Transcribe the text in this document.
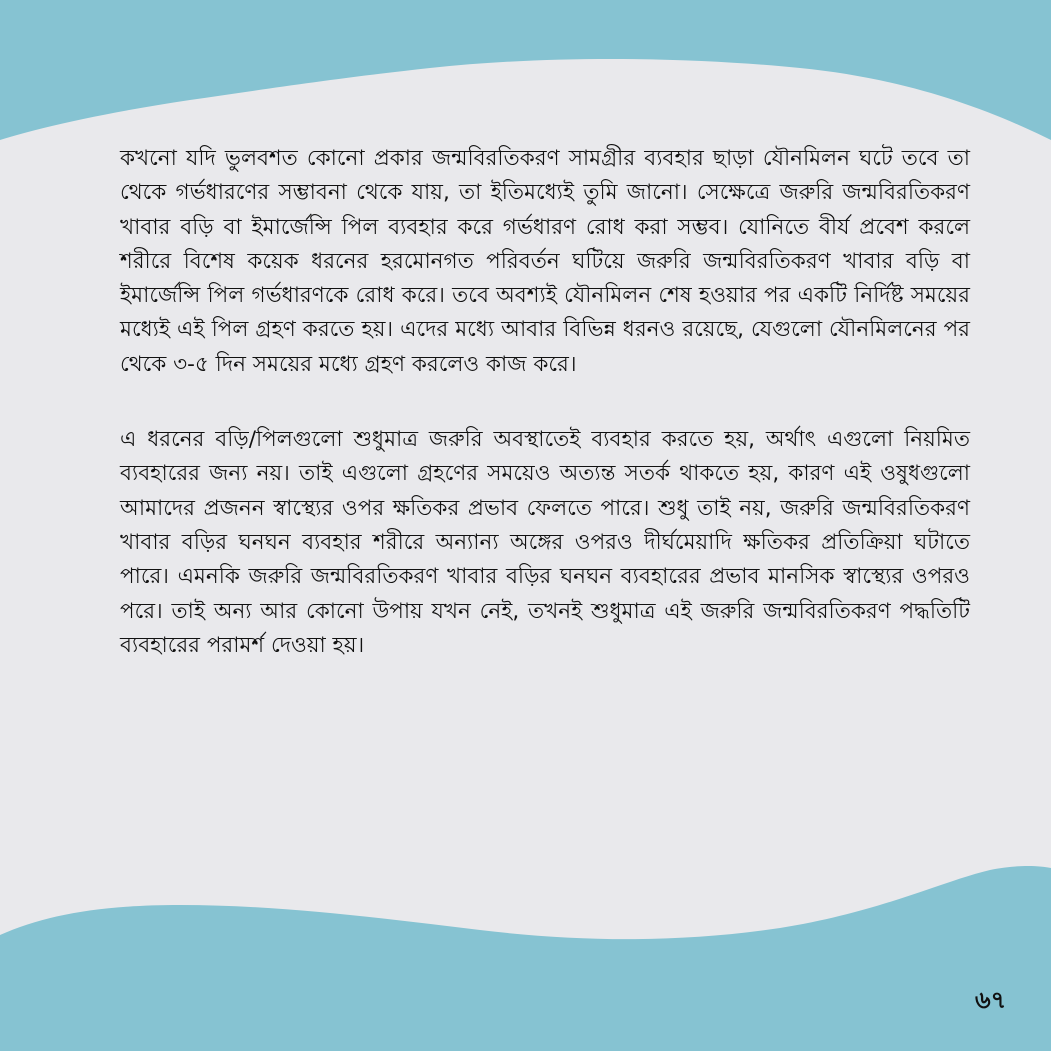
কখনো যদি ভুলবশত কোনো প্রকার জন্মবিরতিকরণ সামগ্রীর ব্যবহার ছাড়া যৌনমিলন ঘটে তবে তা থেকে গর্ভধারণের সম্ভাবনা থেকে যায়, তা ইতিমধ্যেই তুমি জানো। সেক্ষেত্রে জরুরি জন্মবিরতিকরণ খাবার বড়ি বা ইমার্জেন্সি পিল ব্যবহার করে গর্ভধারণ রোধ করা সম্ভব। যোনিতে বীর্য প্রবেশ করলে শরীরে বিশেষ কয়েক ধরনের হরমোনগত পরিবর্তন ঘটিয়ে জরুরি জন্মবিরতিকরণ খাবার বড়ি বা ইমার্জেন্সি পিল গর্ভধারণকে রোধ করে। তবে অবশ্যই যৌনমিলন শেষ হওয়ার পর একটি নির্দিষ্ট সময়ের মধ্যেই এই পিল গ্রহণ করতে হয়। এদের মধ্যে আবার বিভিন্ন ধরনও রয়েছে, যেগুলো যৌনমিলনের পর থেকে ৩-৫ দিন সময়ের মধ্যে গ্রহণ করলেও কাজ করে।

এ ধরনের বড়ি/পিলগুলো শুধুমাত্র জরুরি অবস্থাতেই ব্যবহার করতে হয়, অর্থাৎ এগুলো নিয়মিত ব্যবহারের জন্য নয়। তাই এগুলো গ্রহণের সময়েও অত্যন্ত সতর্ক থাকতে হয়, কারণ এই ওষুধগুলো আমাদের প্রজনন স্বাস্থ্যের ওপর ক্ষতিকর প্রভাব ফেলতে পারে। শুধু তাই নয়, জরুরি জন্মবিরতিকরণ খাবার বড়ির ঘনঘন ব্যবহার শরীরে অন্যান্য অঙ্গের ওপরও দীর্ঘমেয়াদি ক্ষতিকর প্রতিক্রিয়া ঘটাতে পারে। এমনকি জরুরি জন্মবিরতিকরণ খাবার বড়ির ঘনঘন ব্যবহারের প্রভাব মানসিক স্বাস্থ্যের ওপরও পরে। তাই অন্য আর কোনো উপায় যখন নেই, তখনই শুধুমাত্র এই জরুরি জন্মবিরতিকরণ পদ্ধতিটি ব্যবহারের পরামর্শ দেওয়া হয়।

৬৭
